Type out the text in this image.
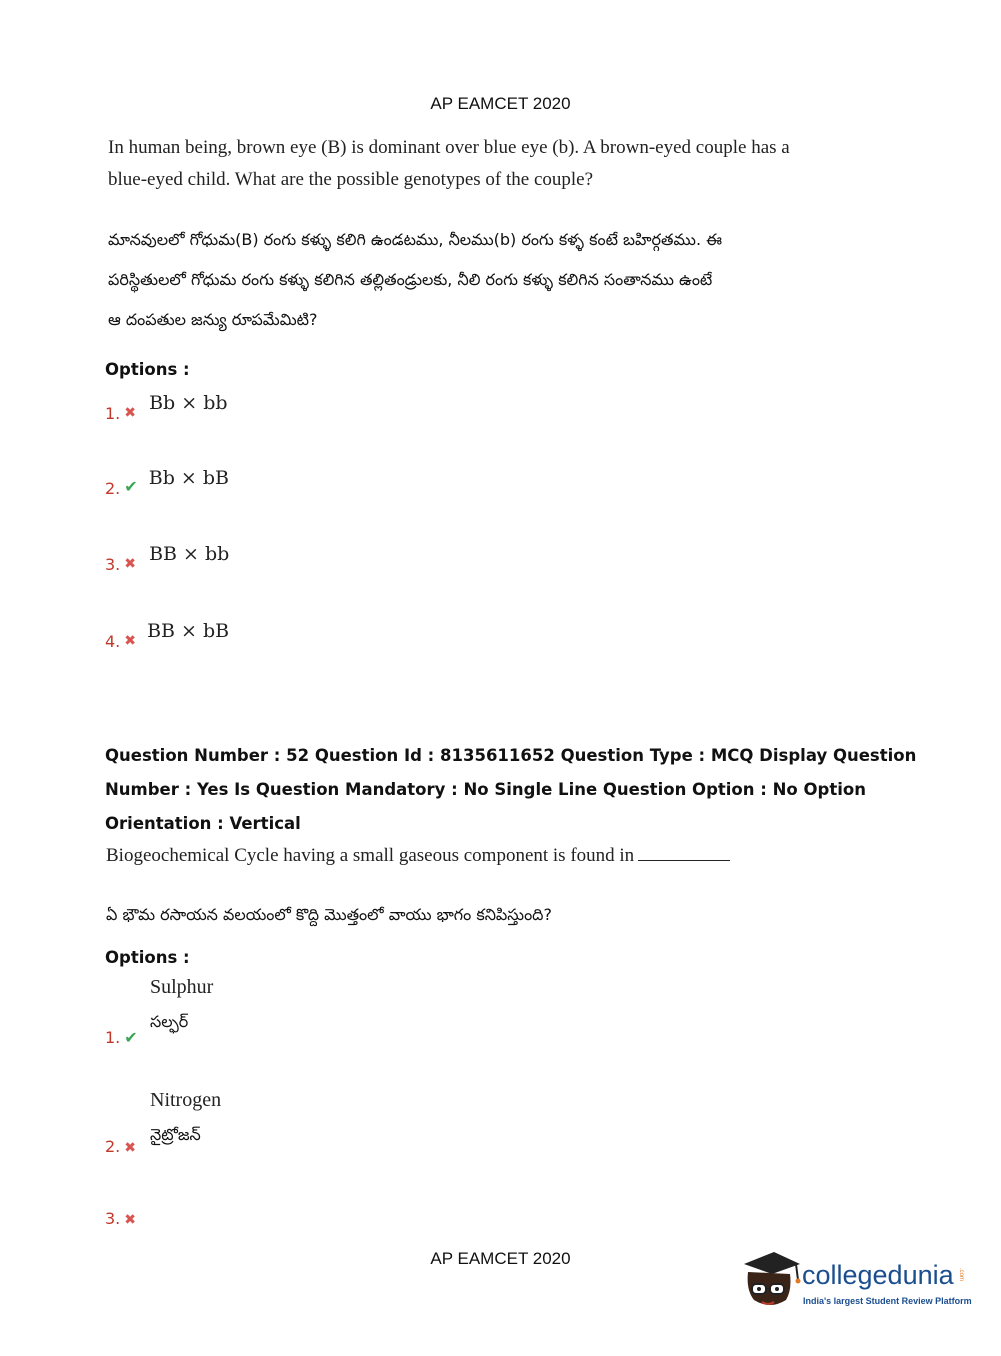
AP EAMCET 2020
In human being, brown eye (B) is dominant over blue eye (b). A brown-eyed couple has a
blue-eyed child. What are the possible genotypes of the couple?
మానవులలో గోధుమ(B) రంగు కళ్ళు కలిగి ఉండటము, నీలము(b) రంగు కళ్ళ కంటే బహిర్గతము. ఈ
పరిస్థితులలో గోధుమ రంగు కళ్ళు కలిగిన తల్లితండ్రులకు, నీలి రంగు కళ్ళు కలిగిన సంతానము ఉంటే
ఆ దంపతుల జన్యు రూపమేమిటి?
Options :
1. ✖ Bb × bb
2. ✔ Bb × bB
3. ✖ BB × bb
4. ✖ BB × bB
Question Number : 52 Question Id : 8135611652 Question Type : MCQ Display Question
Number : Yes Is Question Mandatory : No Single Line Question Option : No Option
Orientation : Vertical
Biogeochemical Cycle having a small gaseous component is found in
ఏ భౌమ రసాయన వలయంలో కొద్ది మొత్తంలో వాయు భాగం కనిపిస్తుంది?
Options :
Sulphur
సల్ఫర్
1. ✔
Nitrogen
నైట్రోజన్
2. ✖
3. ✖
AP EAMCET 2020
collegedunia .com
India's largest Student Review Platform
